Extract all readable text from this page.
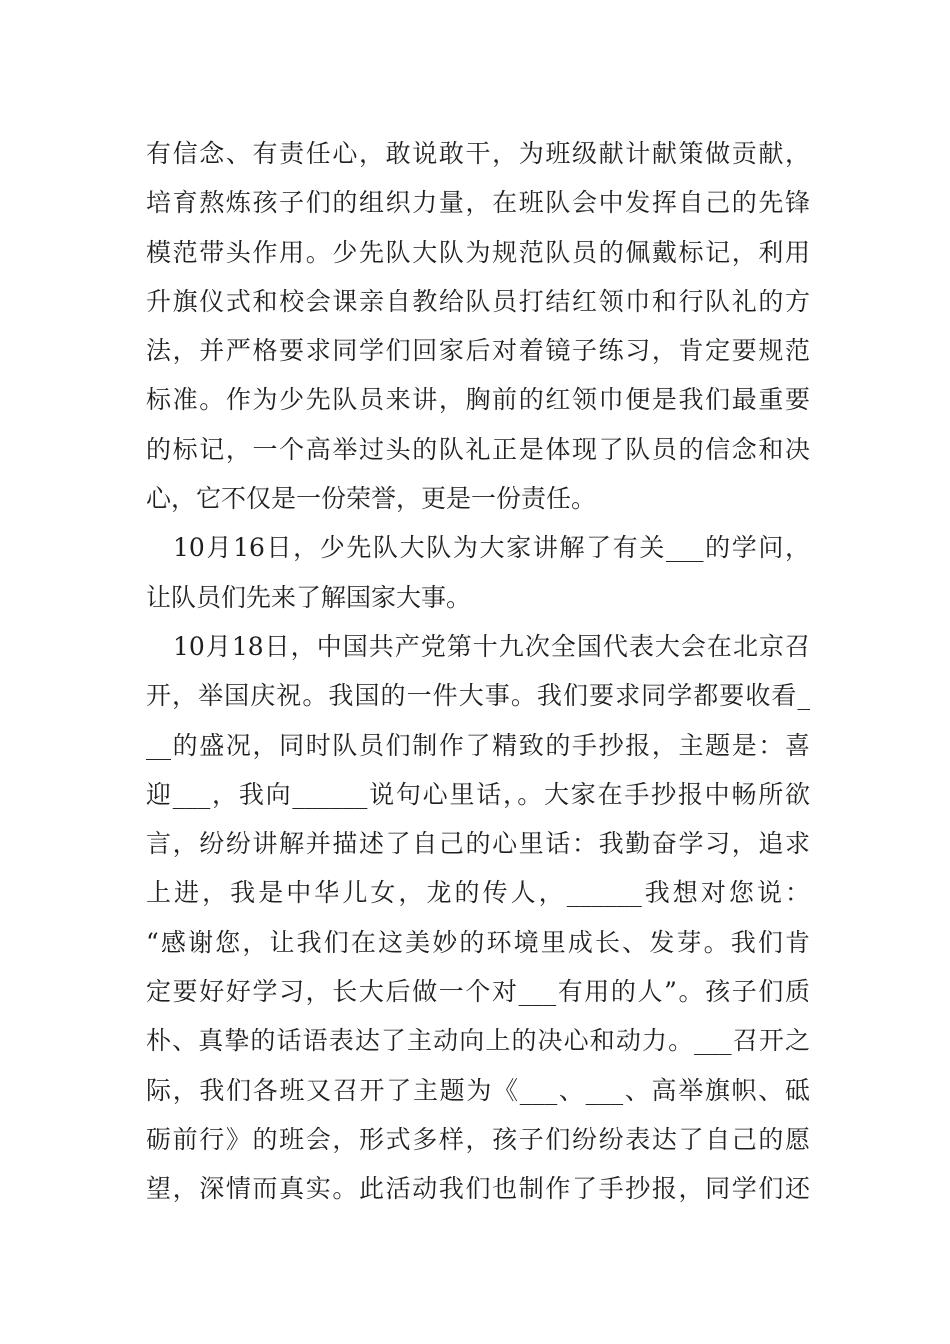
有信念、有责任心，敢说敢干，为班级献计献策做贡献，
培育熬炼孩子们的组织力量，在班队会中发挥自己的先锋
模范带头作用。少先队大队为规范队员的佩戴标记，利用
升旗仪式和校会课亲自教给队员打结红领巾和行队礼的方
法，并严格要求同学们回家后对着镜子练习，肯定要规范
标准。作为少先队员来讲，胸前的红领巾便是我们最重要
的标记，一个高举过头的队礼正是体现了队员的信念和决
心，它不仅是一份荣誉，更是一份责任。
10月16日，少先队大队为大家讲解了有关___的学问，
让队员们先来了解国家大事。
10月18日，中国共产党第十九次全国代表大会在北京召
开，举国庆祝。我国的一件大事。我们要求同学都要收看_
__的盛况，同时队员们制作了精致的手抄报，主题是：喜
迎___，我向______说句心里话，。大家在手抄报中畅所欲
言，纷纷讲解并描述了自己的心里话：我勤奋学习，追求
上进，我是中华儿女，龙的传人，______我想对您说：
“感谢您，让我们在这美妙的环境里成长、发芽。我们肯
定要好好学习，长大后做一个对___有用的人”。孩子们质
朴、真挚的话语表达了主动向上的决心和动力。___召开之
际，我们各班又召开了主题为《___、___、高举旗帜、砥
砺前行》的班会，形式多样，孩子们纷纷表达了自己的愿
望，深情而真实。此活动我们也制作了手抄报，同学们还
